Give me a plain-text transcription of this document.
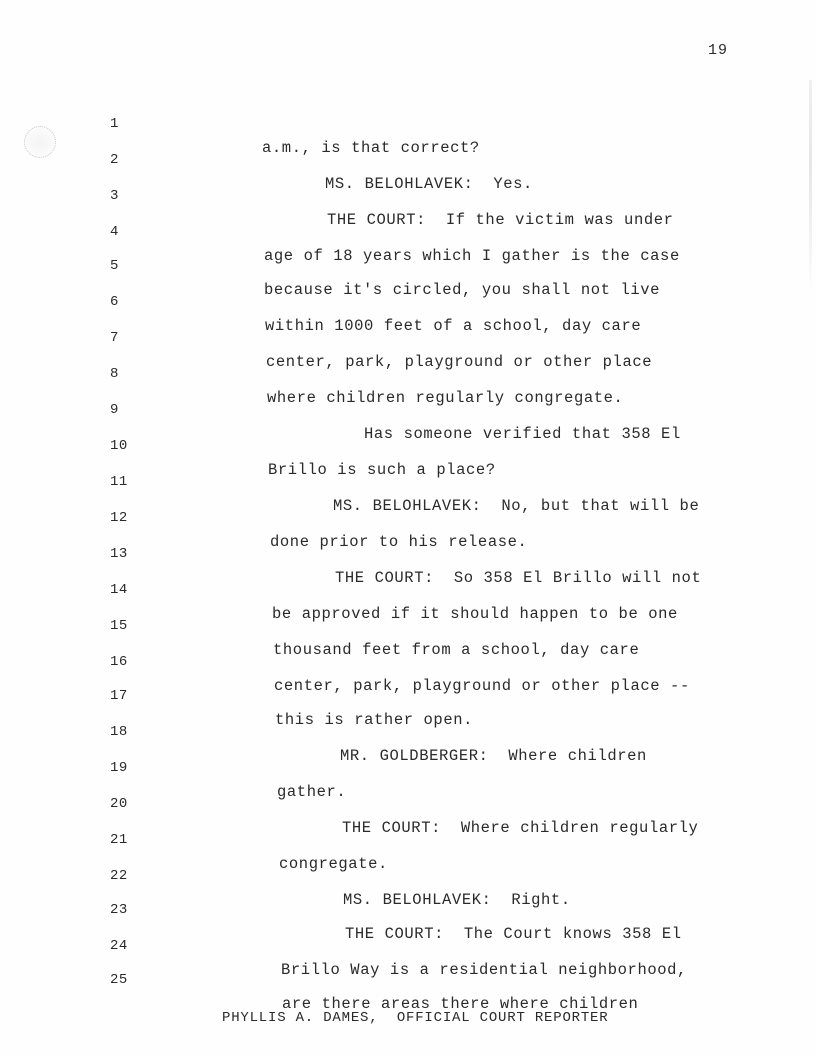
19

1

a.m., is that correct?

2

MS. BELOHLAVEK:  Yes.

3

THE COURT:  If the victim was under

4

age of 18 years which I gather is the case

5

because it's circled, you shall not live

6

within 1000 feet of a school, day care

7

center, park, playground or other place

8

where children regularly congregate.

9

Has someone verified that 358 El

10

Brillo is such a place?

11

MS. BELOHLAVEK:  No, but that will be

12

done prior to his release.

13

THE COURT:  So 358 El Brillo will not

14

be approved if it should happen to be one

15

thousand feet from a school, day care

16

center, park, playground or other place --

17

this is rather open.

18

MR. GOLDBERGER:  Where children

19

gather.

20

THE COURT:  Where children regularly

21

congregate.

22

MS. BELOHLAVEK:  Right.

23

THE COURT:  The Court knows 358 El

24

Brillo Way is a residential neighborhood,

25

are there areas there where children

PHYLLIS A. DAMES,  OFFICIAL COURT REPORTER
